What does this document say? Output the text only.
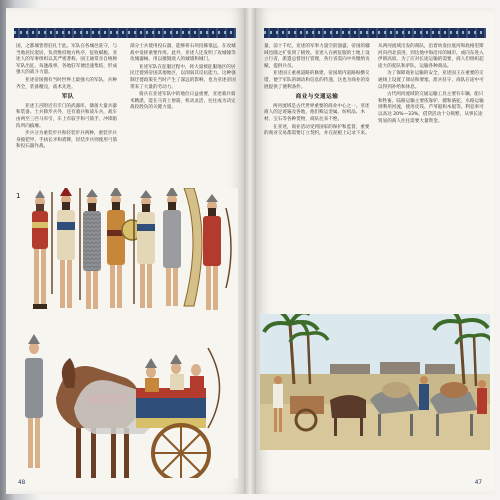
国，之都城皆曾驻扎于此。军队在各城邑驻守，与当地居民混居，负责维持地方秩序，征收赋税。亚述人的军事组织以其严密著称，国王通常亲自统帅军队出征，每逢战事，各地驻军便迅速集结，形成强大的战斗力量。

亚述帝国拥有当时世界上最强大的军队，兵种齐全，装备精良，战术先进。

军队

亚述王宫附近有专门的武器库，储备大量兵器和装备。士兵除步兵外，还有骑兵和战车兵，战车由两至三匹马牵引，车上有驭手和弓箭手，冲锋陷阵所向披靡。

步兵分为重装步兵和轻装步兵两种，重装步兵身披铠甲、手执长矛和盾牌，轻装步兵则使用弓箭和投石器作战。

部分士兵使用投石器，能够将石块投掷很远，在攻城战中发挥重要作用。此外，亚述人还发明了攻城锤等攻城器械，用以摧毁敌人的城墙和城门。

亚述军队在征服过程中，将大量被征服地区的居民迁徙到帝国其他地区，以削弱其反抗能力。这种强制迁徙政策在当时产生了深远的影响，也为亚述帝国带来了大量的劳动力。

骑兵在亚述军队中的地位日益重要，亚述骑兵骑术精湛，能在马背上射箭，机动灵活，往往成为决定战役胜负的关键力量。

1
48

量，前十千纪，亚述的军事力量空前强盛，帝国的疆域也随之扩张到了极致。亚述人在被征服的土地上设立行省，派遣总督进行管理，各行省需向中央缴纳贡赋，提供兵员。

亚述国王重视道路的修建，帝国境内道路纵横交错，便于军队的调动和信息的传递，这也为商业的发展提供了便利条件。

商业与交通运输

两河流域是古代世界重要的商业中心之一。亚述商人的足迹遍及各地，他们贩运金属、纺织品、木材、宝石等各种货物，商队往来不绝。

在亚述，商业活动受到国家的保护和监督，重要的商业交易都需要订立契约，并在泥板上记录下来。

从两河流域出发的商队，沿着幼发拉底河和底格里斯河向西北前进，到达地中海沿岸的城市，或向东进入伊朗高原。为了应对长途运输的需要，商人们组织起庞大的驼队和驴队，运输各种商品。

为了保障商业运输的安全，亚述国王在重要的交通线上设置了驿站和要塞，派兵驻守，商队在途中可以得到补给和休息。

古代两河流域的交通运输工具主要有车辆、船只和牲畜。陆路运输主要依靠驴、骡和骆驼，水路运输则利用河流，使用皮筏、芦苇船和木船等。利息率可以高达 20%—33%，借贷活动十分频繁，从事长途贸易的商人往往需要大量资金。

47
